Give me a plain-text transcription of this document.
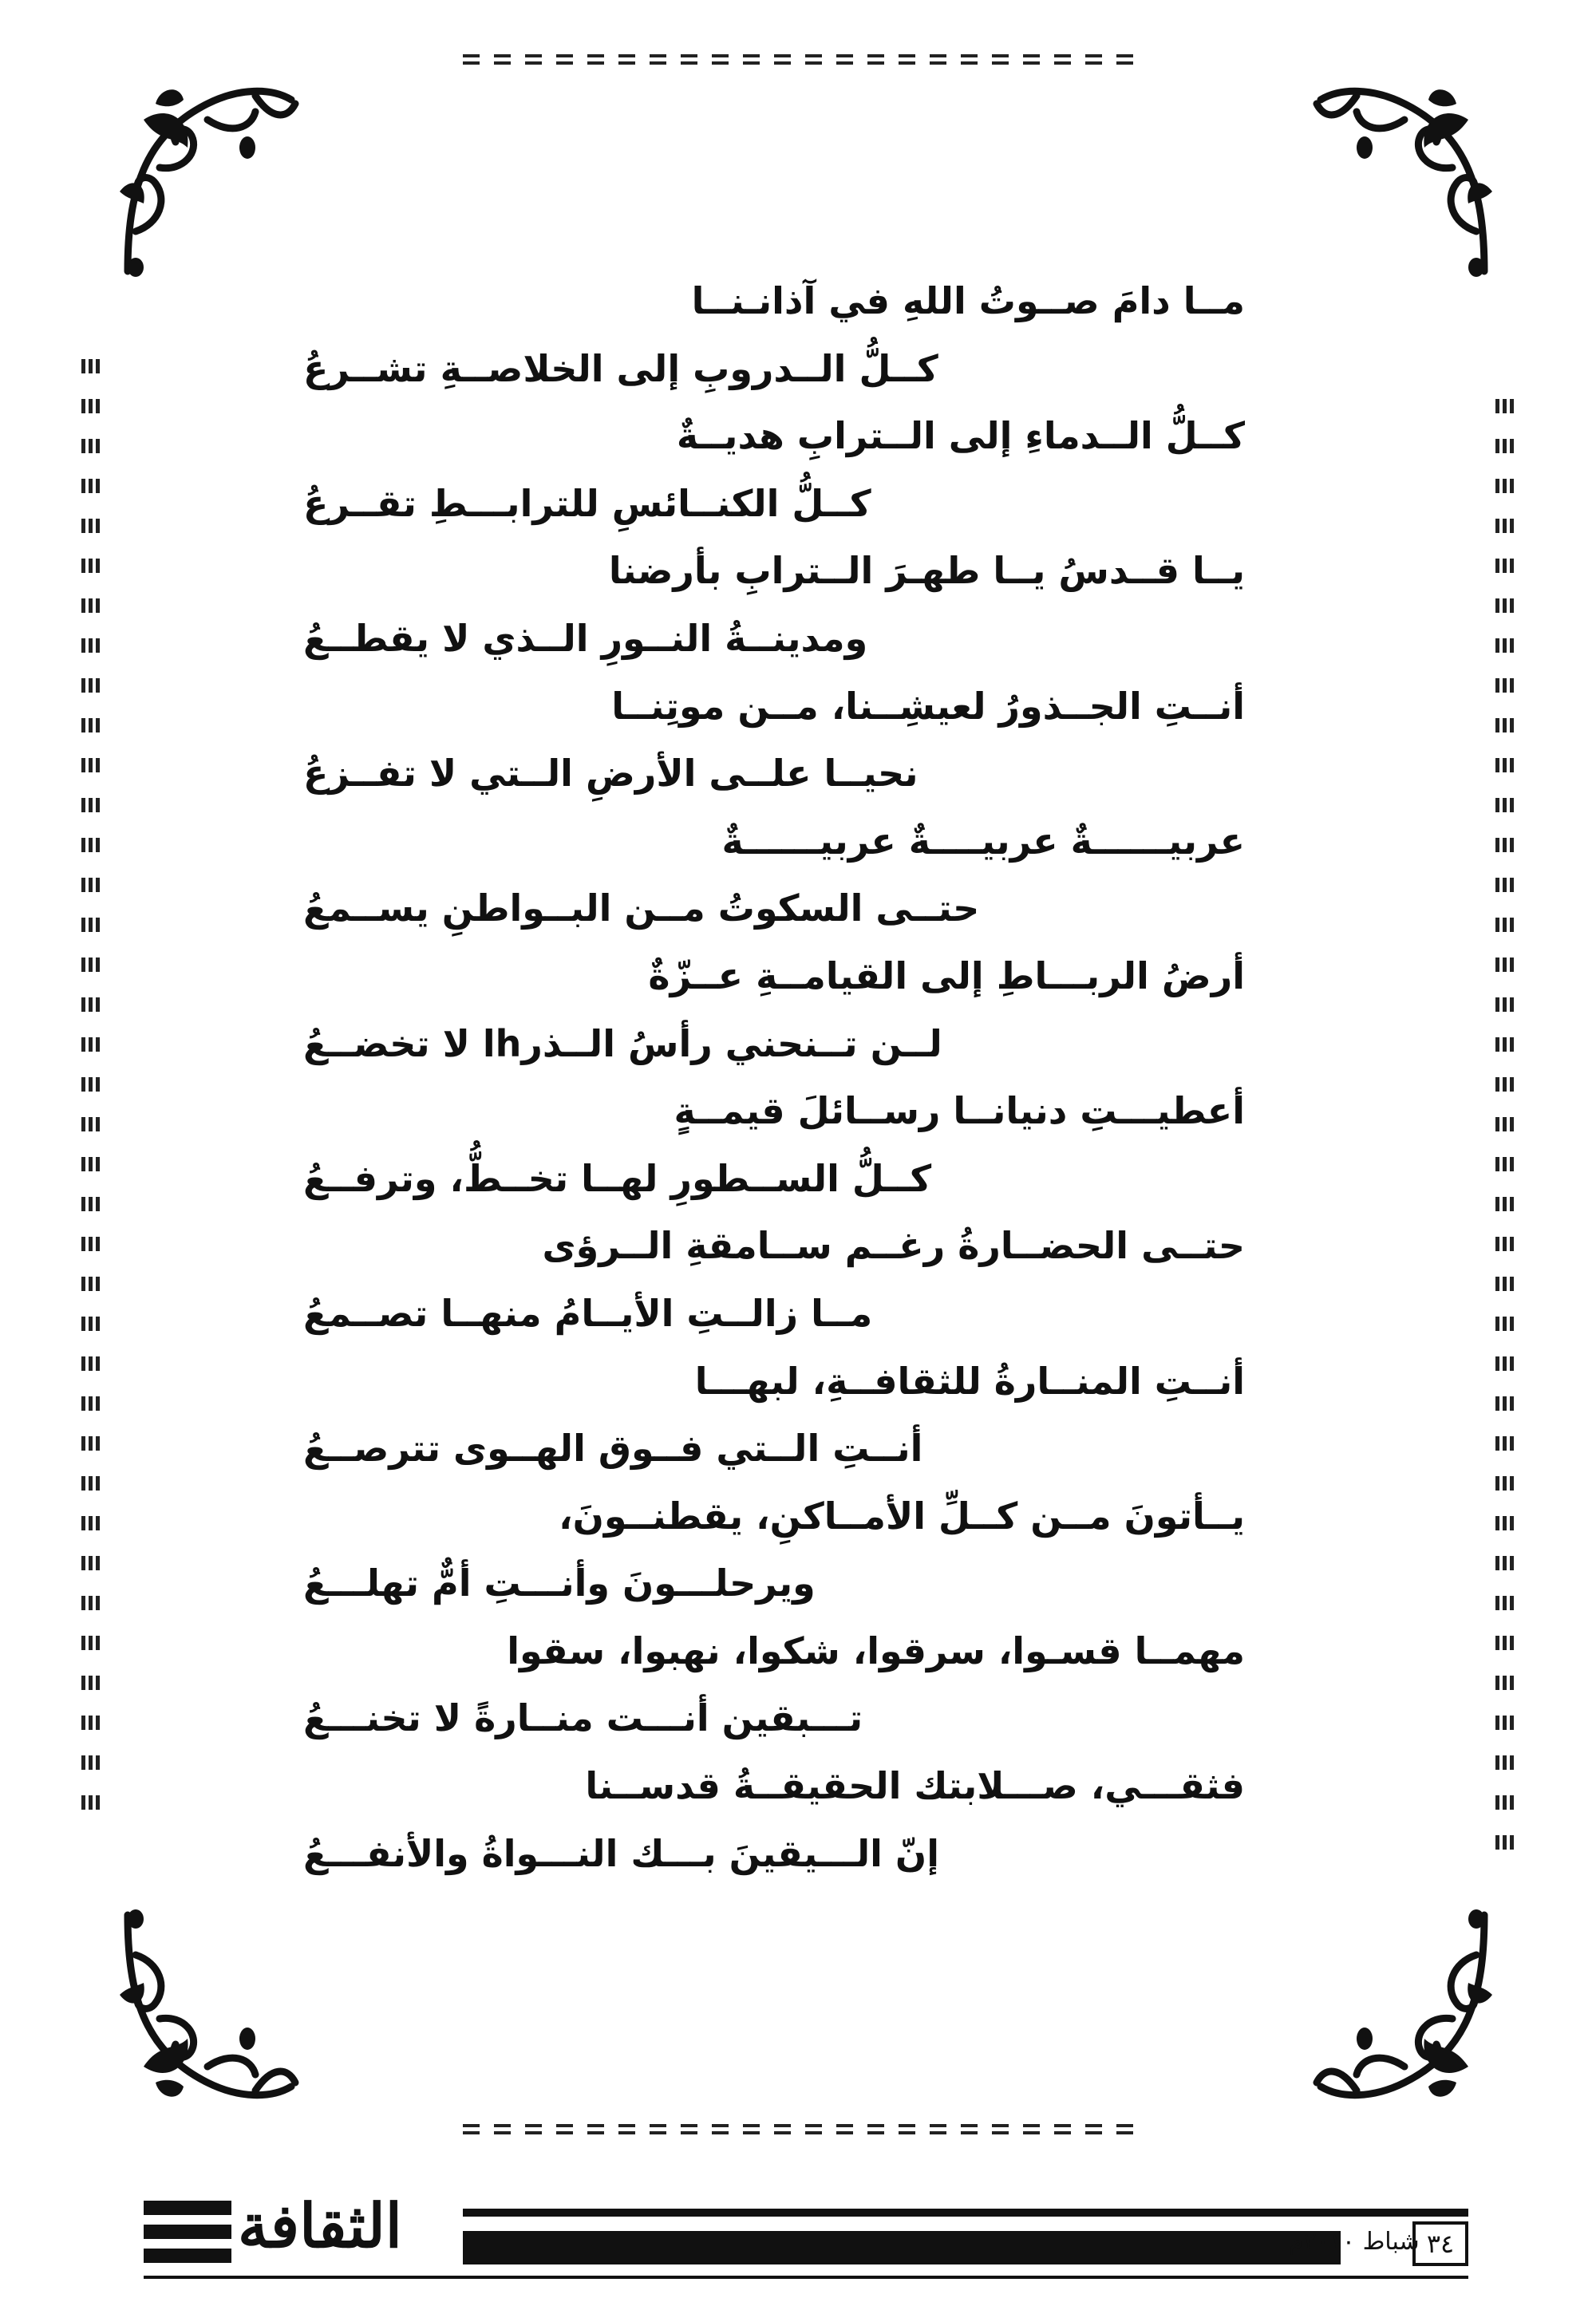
مــا دامَ صــوتُ اللهِ في آذانـنــا
كــلُّ الــدروبِ إلى الخلاصــةِ تشــرعُ
كــلُّ الــدماءِ إلى الــترابِ هديــةٌ
كــلُّ الكنــائسِ للترابـــطِ تقــرعُ
يــا قــدسُ يــا طهـرَ الــترابِ بأرضنا
ومدينــةُ النــورِ الــذي لا يقطــعُ
أنــتِ الجــذورُ لعيشِــنا، مــن موتِنــا
نحيــا علــى الأرضِ الــتي لا تفــزعُ
عربيــــــةٌ عربيــــةٌ عربيــــــةٌ
حتــى السكوتُ مــن البــواطنِ يســمعُ
أرضُ الربـــاطِ إلى القيامــةِ عــزّةٌ
لــن تــنحني رأسُ الــذرhا لا تخضــعُ
أعطيـــتِ دنيانــا رســائلَ قيمــةٍ
كــلُّ الســطورِ لهــا تخــطُّ، وترفــعُ
حتــى الحضــارةُ رغــم ســامقةِ الــرؤى
مــا زالــتِ الأيــامُ منهــا تصــمعُ
أنــتِ المنــارةُ للثقافــةِ، لبهـــا
أنــتِ الــتي فــوق الهــوى تترصــعُ
يــأتونَ مــن كــلِّ الأمــاكنِ، يقطنــونَ،
ويرحلـــونَ وأنـــتِ أمٌّ تهلـــعُ
مهمــا قسـوا، سرقوا، شكوا، نهبوا، سقوا
تـــبقين أنـــت منــارةً لا تخنـــعُ
فثقـــي، صـــلابتك الحقيقــةُ قدســنا
إنّ الـــيقينَ بـــك النـــواةُ والأنفـــعُ
الثقافة	شباط ٢٠١٠م ٣٤
